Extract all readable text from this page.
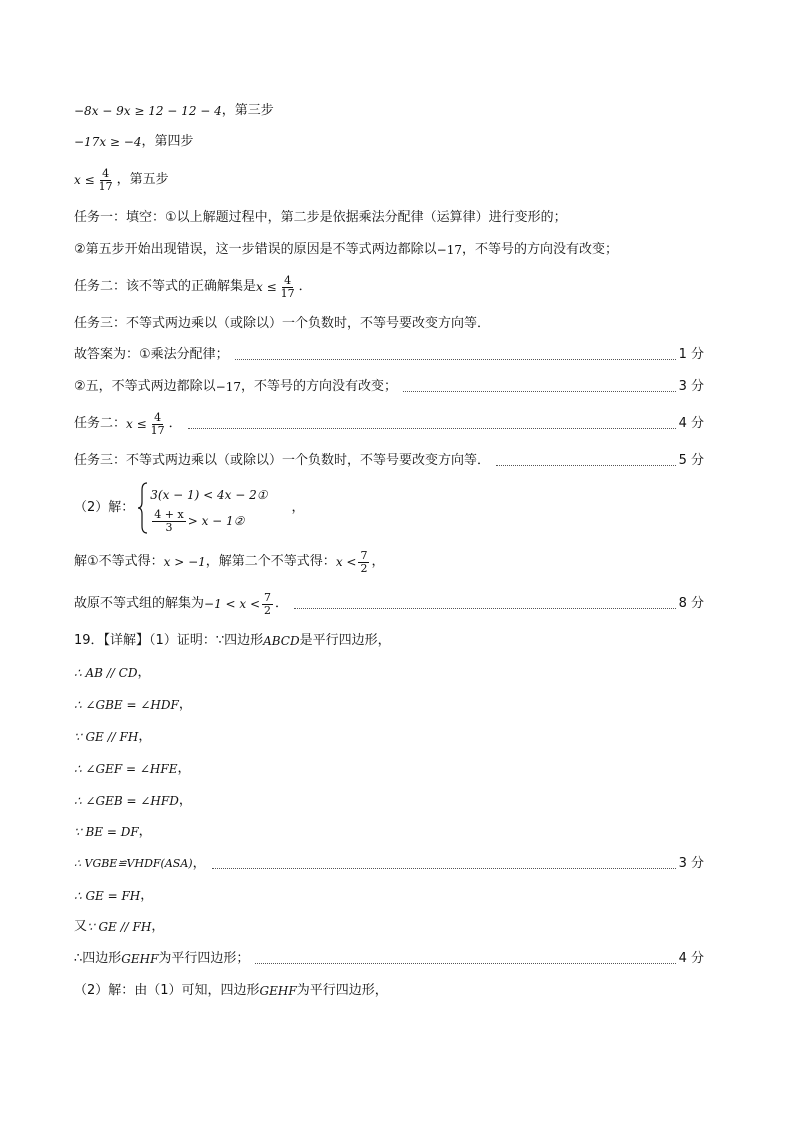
−8x − 9x ≥ 12 − 12 − 4 ，第三步
−17x ≥ −4 ，第四步
$x \le \frac{4}{17}$ ，第五步
任务一：填空：①以上解题过程中，第二步是依据乘法分配律（运算律）进行变形的；
②第五步开始出现错误，这一步错误的原因是不等式两边都除以 −17 ，不等号的方向没有改变；
任务二：该不等式的正确解集是 $x \le \frac{4}{17}$ ．
任务三：不等式两边乘以（或除以）一个负数时，不等号要改变方向等．
故答案为：①乘法分配律；	1 分
②五，不等式两边都除以 −17 ，不等号的方向没有改变；	3 分
任务二： $x \le \frac{4}{17}$ ．	4 分
任务三：不等式两边乘以（或除以）一个负数时，不等号要改变方向等．	5 分
（2）解：
3(x − 1) < 4x − 2①
$\frac{4 + x}{3} > x$ − 1②
，
解①不等式得： x > −1 ，解第二个不等式得： $x < \frac{7}{2}$ ，
故原不等式组的解集为 $-1 < x < \frac{7}{2}$ ．	8 分
19．【详解】（1）证明：∵四边形 ABCD 是平行四边形，
∴ AB // CD ，
∴ ∠GBE = ∠HDF ，
∵ GE // FH ，
∴ ∠GEF = ∠HFE ，
∴ ∠GEB = ∠HFD ，
∵ BE = DF ，
∴ VGBE≌VHDF(ASA) ，	3 分
∴ GE = FH ，
又 ∵ GE // FH ，
∴四边形 GEHF 为平行四边形；	4 分
（2）解：由（1）可知，四边形 GEHF 为平行四边形，
